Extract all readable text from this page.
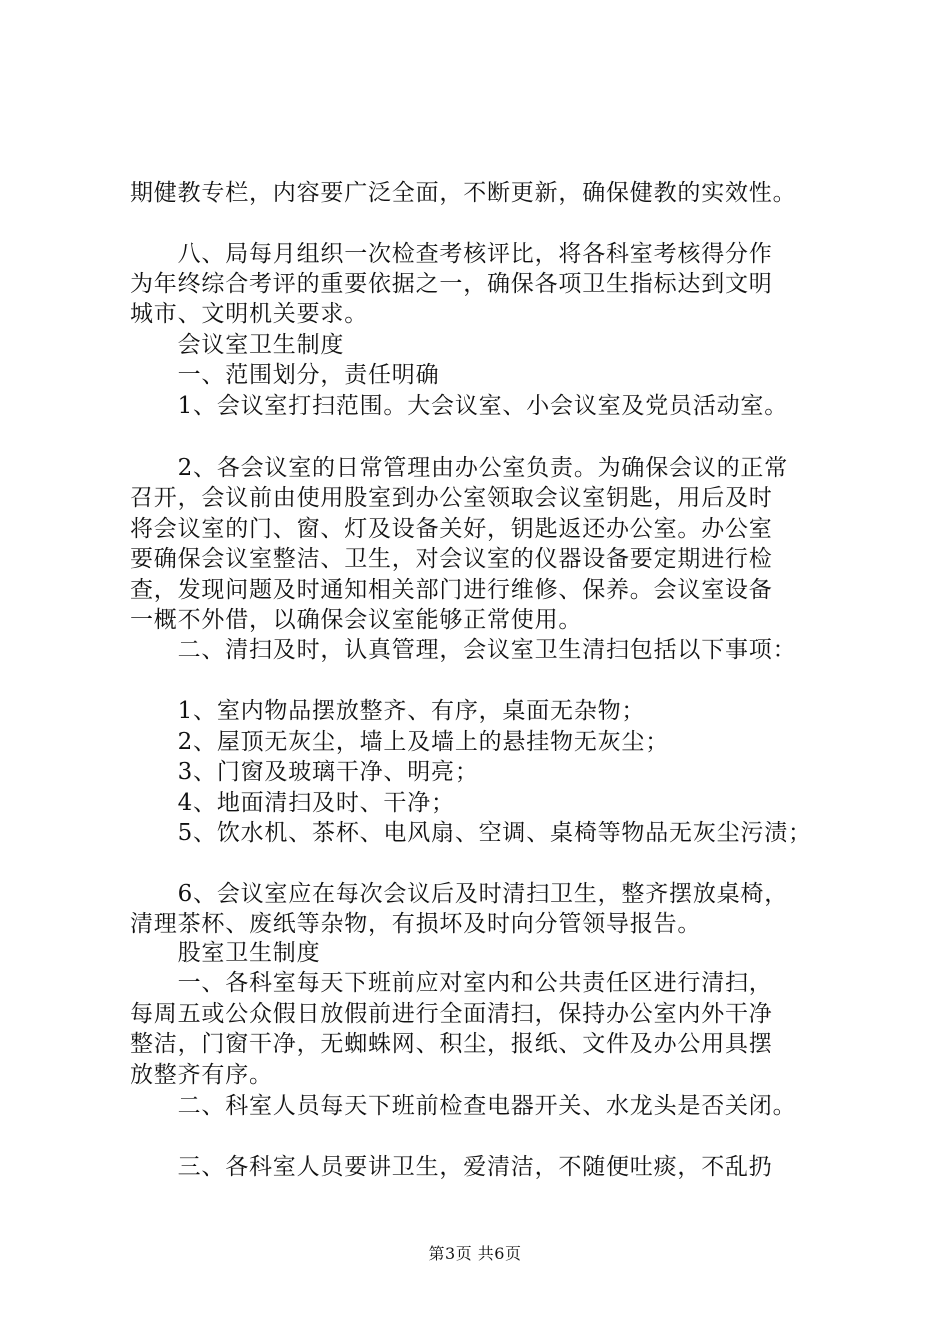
期健教专栏，内容要广泛全面，不断更新，确保健教的实效性。
　　八、局每月组织一次检查考核评比，将各科室考核得分作
为年终综合考评的重要依据之一，确保各项卫生指标达到文明
城市、文明机关要求。
　　会议室卫生制度
　　一、范围划分，责任明确
　　1、会议室打扫范围。大会议室、小会议室及党员活动室。
　　2、各会议室的日常管理由办公室负责。为确保会议的正常
召开，会议前由使用股室到办公室领取会议室钥匙，用后及时
将会议室的门、窗、灯及设备关好，钥匙返还办公室。办公室
要确保会议室整洁、卫生，对会议室的仪器设备要定期进行检
查，发现问题及时通知相关部门进行维修、保养。会议室设备
一概不外借，以确保会议室能够正常使用。
　　二、清扫及时，认真管理，会议室卫生清扫包括以下事项：
　　1、室内物品摆放整齐、有序，桌面无杂物；
　　2、屋顶无灰尘，墙上及墙上的悬挂物无灰尘；
　　3、门窗及玻璃干净、明亮；
　　4、地面清扫及时、干净；
　　5、饮水机、茶杯、电风扇、空调、桌椅等物品无灰尘污渍；
　　6、会议室应在每次会议后及时清扫卫生，整齐摆放桌椅，
清理茶杯、废纸等杂物，有损坏及时向分管领导报告。
　　股室卫生制度
　　一、各科室每天下班前应对室内和公共责任区进行清扫，
每周五或公众假日放假前进行全面清扫，保持办公室内外干净
整洁，门窗干净，无蜘蛛网、积尘，报纸、文件及办公用具摆
放整齐有序。
　　二、科室人员每天下班前检查电器开关、水龙头是否关闭。
　　三、各科室人员要讲卫生，爱清洁，不随便吐痰，不乱扔
第3页 共6页
